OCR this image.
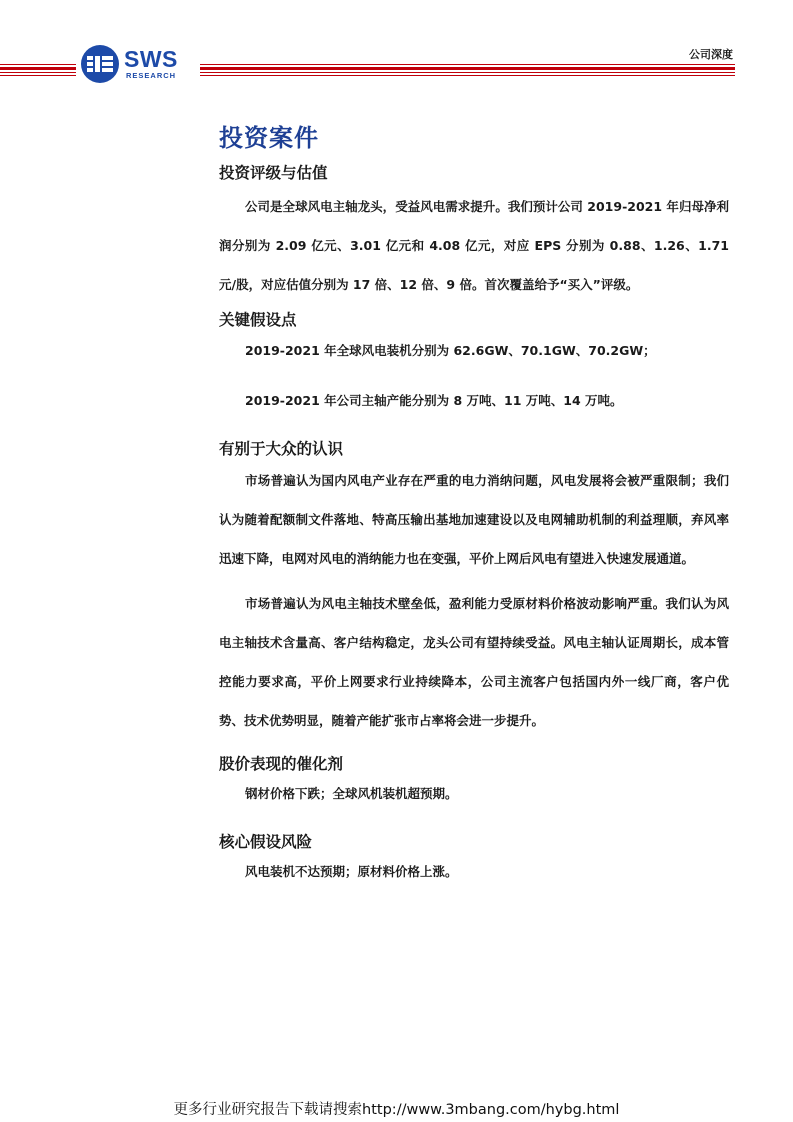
SWS
RESEARCH
公司深度
投资案件
投资评级与估值

公司是全球风电主轴龙头，受益风电需求提升。我们预计公司 2019-2021 年归母净利润分别为 2.09 亿元、3.01 亿元和 4.08 亿元，对应 EPS 分别为 0.88、1.26、1.71 元/股，对应估值分别为 17 倍、12 倍、9 倍。首次覆盖给予“买入”评级。

关键假设点

2019-2021 年全球风电装机分别为 62.6GW、70.1GW、70.2GW；

2019-2021 年公司主轴产能分别为 8 万吨、11 万吨、14 万吨。

有别于大众的认识

市场普遍认为国内风电产业存在严重的电力消纳问题，风电发展将会被严重限制；我们认为随着配额制文件落地、特高压输出基地加速建设以及电网辅助机制的利益理顺，弃风率迅速下降，电网对风电的消纳能力也在变强，平价上网后风电有望进入快速发展通道。

市场普遍认为风电主轴技术壁垒低，盈利能力受原材料价格波动影响严重。我们认为风电主轴技术含量高、客户结构稳定，龙头公司有望持续受益。风电主轴认证周期长，成本管控能力要求高，平价上网要求行业持续降本，公司主流客户包括国内外一线厂商，客户优势、技术优势明显，随着产能扩张市占率将会进一步提升。

股价表现的催化剂

钢材价格下跌；全球风机装机超预期。

核心假设风险

风电装机不达预期；原材料价格上涨。

更多行业研究报告下载请搜索http://www.3mbang.com/hybg.html
